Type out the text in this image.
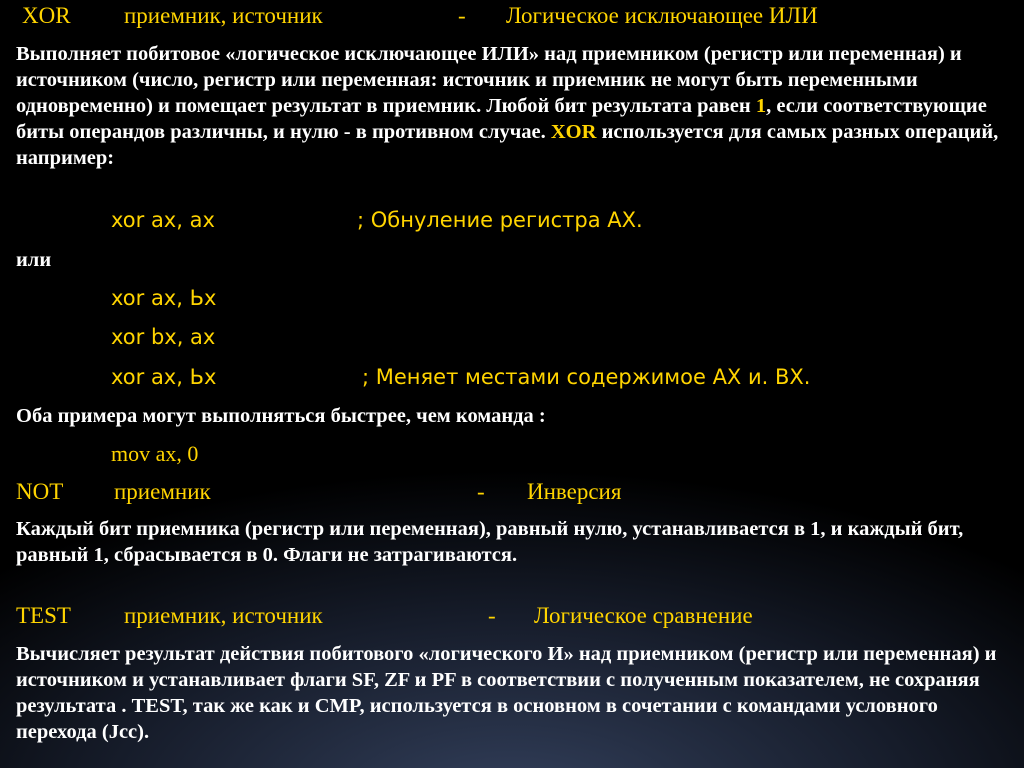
XOR приемник, источник	- Логическое исключающее ИЛИ
Выполняет побитовое «логическое исключающее ИЛИ» над приемником (регистр или переменная) и источником (число, регистр или переменная: источник и приемник не могут быть переменными одновременно) и помещает результат в приемник. Любой бит результата равен 1, если соответствующие биты операндов различны, и нулю - в противном случае. XOR используется для самых разных операций, например:
xor ax, ax	; Обнуление регистра АХ.
или
xor ax, Ьх
xor bx, ax
xor ax, Ьх	; Меняет местами содержимое АХ и. ВХ.
Оба примера могут выполняться быстрее, чем команда :
mov ax, 0
NOT приемник	- Инверсия
Каждый бит приемника (регистр или переменная), равный нулю, устанавливается в 1, и каждый бит, равный 1, сбрасывается в 0. Флаги не затрагиваются.
TEST приемник, источник	- Логическое сравнение
Вычисляет результат действия побитового «логического И» над приемником (регистр или переменная) и источником и устанавливает флаги SF, ZF и PF в соответствии с полученным показателем, не сохраняя результата . TEST, так же как и CMP, используется в основном в сочетании с командами условного перехода (Jcc).
